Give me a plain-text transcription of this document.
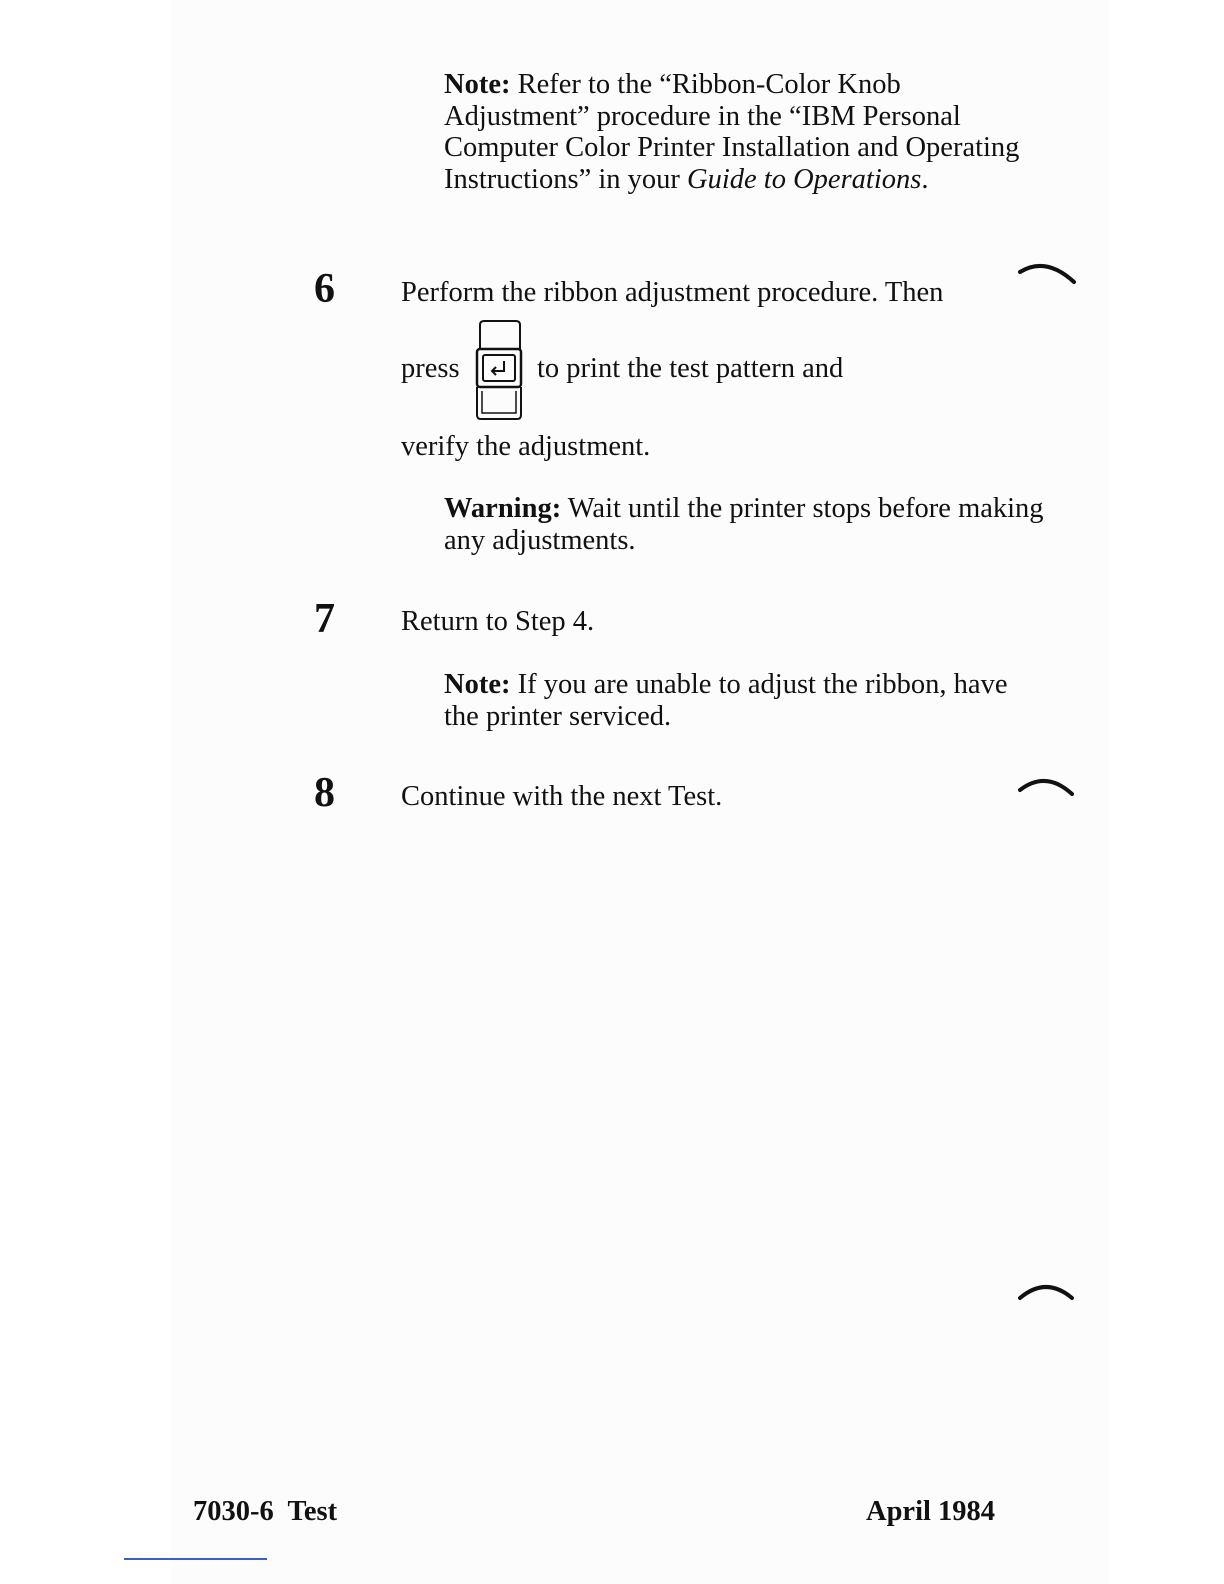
Note: Refer to the “Ribbon-Color Knob Adjustment” procedure in the “IBM Personal Computer Color Printer Installation and Operating Instructions” in your Guide to Operations.

6 Perform the ribbon adjustment procedure. Then
press	to print the test pattern and
verify the adjustment.

Warning: Wait until the printer stops before making any adjustments.

7 Return to Step 4.

Note: If you are unable to adjust the ribbon, have the printer serviced.

8 Continue with the next Test.
7030-6  Test	April 1984
